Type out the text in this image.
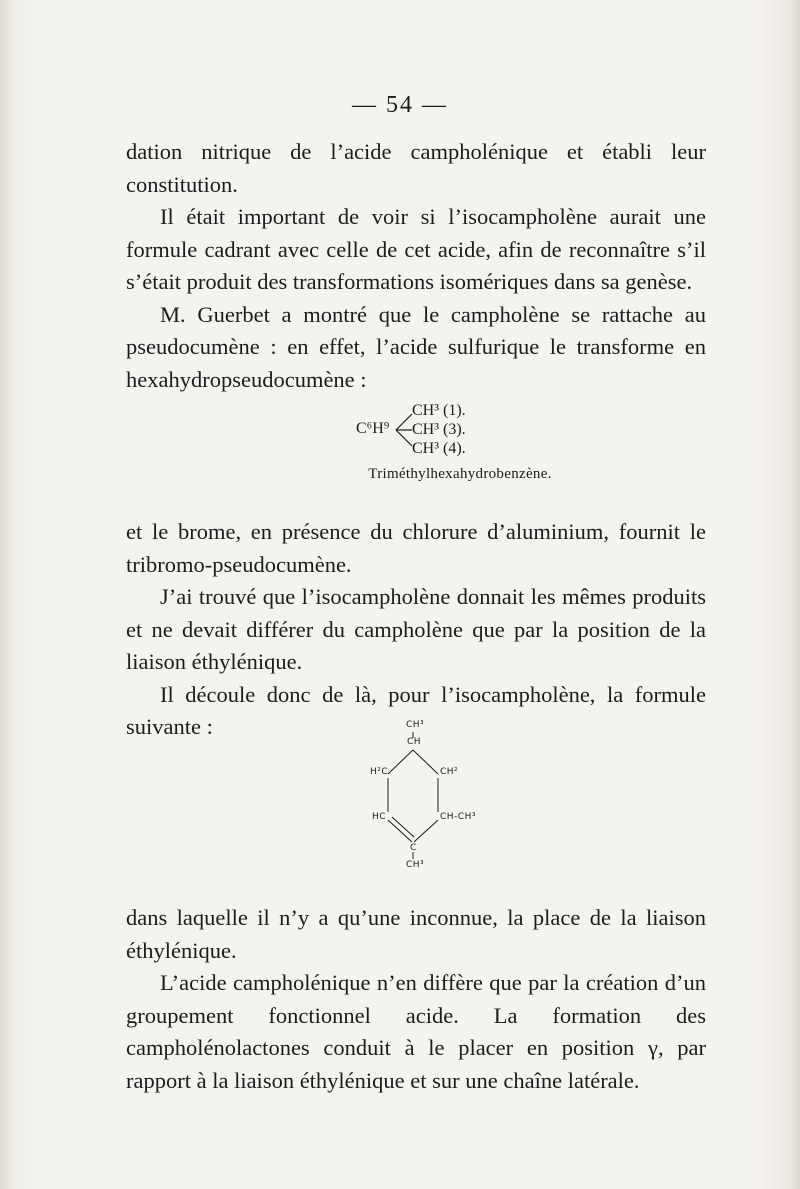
— 54 —

dation nitrique de l’acide campholénique et établi leur constitution.

Il était important de voir si l’isocampholène aurait une formule cadrant avec celle de cet acide, afin de reconnaître s’il s’était produit des transformations isomériques dans sa genèse.

M. Guerbet a montré que le campholène se rattache au pseudocumène : en effet, l’acide sulfurique le transforme en hexahydropseudocumène :

C⁶H⁹
CH³ (1).
CH³ (3).
CH³ (4).
Triméthylhexahydrobenzène.

et le brome, en présence du chlorure d’aluminium, fournit le tribromo-pseudocumène.

J’ai trouvé que l’isocampholène donnait les mêmes produits et ne devait différer du campholène que par la position de la liaison éthylénique.

Il découle donc de là, pour l’isocampholène, la formule suivante :	CH³
CH
H²C	CH²
HC	CH-CH³
C
CH³

dans laquelle il n’y a qu’une inconnue, la place de la liaison éthylénique.

L’acide campholénique n’en diffère que par la création d’un groupement fonctionnel acide. La formation des campholénolactones conduit à le placer en position γ, par rapport à la liaison éthylénique et sur une chaîne latérale.
